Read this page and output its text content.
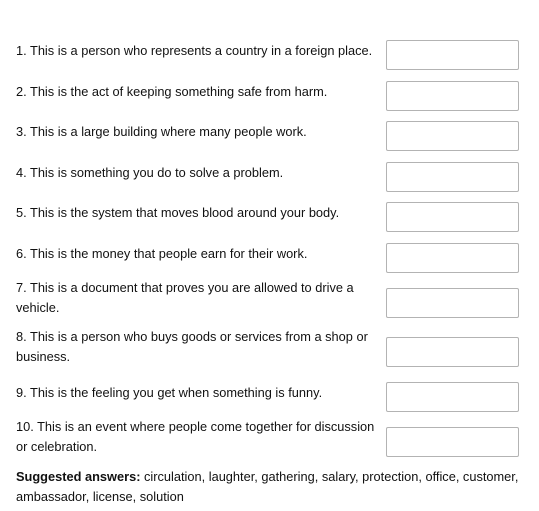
1. This is a person who represents a country in a foreign place.
2. This is the act of keeping something safe from harm.
3. This is a large building where many people work.
4. This is something you do to solve a problem.
5. This is the system that moves blood around your body.
6. This is the money that people earn for their work.
7. This is a document that proves you are allowed to drive a vehicle.
8. This is a person who buys goods or services from a shop or business.
9. This is the feeling you get when something is funny.
10. This is an event where people come together for discussion or celebration.
Suggested answers: circulation, laughter, gathering, salary, protection, office, customer, ambassador, license, solution
